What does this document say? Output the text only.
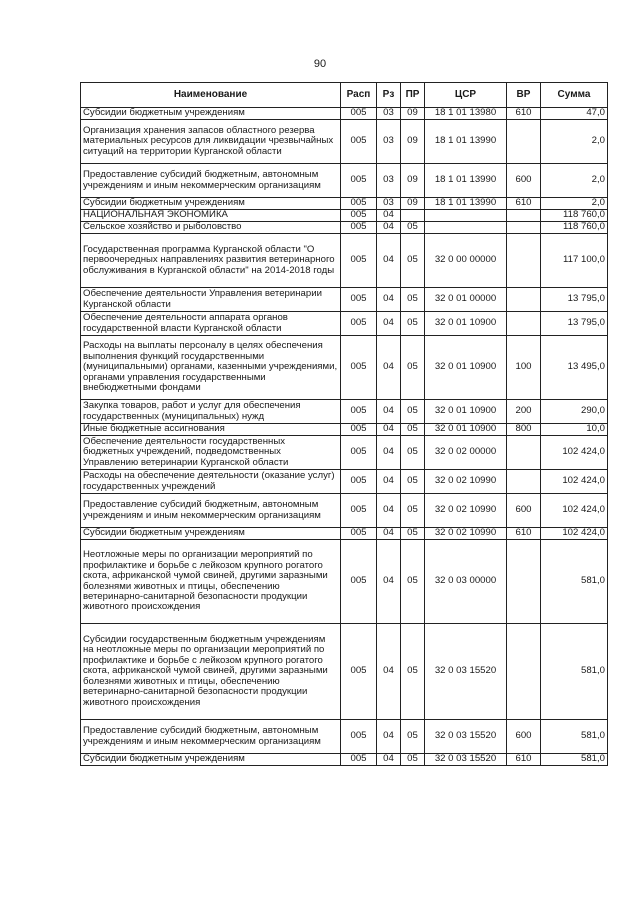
90
Наименование	Расп	Рз	ПР	ЦСР	ВР	Сумма
Субсидии бюджетным учреждениям	005	03	09	18 1 01 13980	610	47,0
Организация хранения запасов областного резерва материальных ресурсов для ликвидации чрезвычайных ситуаций на территории Курганской области	005	03	09	18 1 01 13990		2,0
Предоставление субсидий бюджетным, автономным учреждениям и иным некоммерческим организациям	005	03	09	18 1 01 13990	600	2,0
Субсидии бюджетным учреждениям	005	03	09	18 1 01 13990	610	2,0
НАЦИОНАЛЬНАЯ ЭКОНОМИКА	005	04				118 760,0
Сельское хозяйство и рыболовство	005	04	05			118 760,0
Государственная программа Курганской области "О первоочередных направлениях развития ветеринарного обслуживания в Курганской области" на 2014-2018 годы	005	04	05	32 0 00 00000		117 100,0
Обеспечение деятельности Управления ветеринарии Курганской области	005	04	05	32 0 01 00000		13 795,0
Обеспечение деятельности аппарата органов государственной власти Курганской области	005	04	05	32 0 01 10900		13 795,0
Расходы на выплаты персоналу в целях обеспечения выполнения функций государственными (муниципальными) органами, казенными учреждениями, органами управления государственными внебюджетными фондами	005	04	05	32 0 01 10900	100	13 495,0
Закупка товаров, работ и услуг для обеспечения государственных (муниципальных) нужд	005	04	05	32 0 01 10900	200	290,0
Иные бюджетные ассигнования	005	04	05	32 0 01 10900	800	10,0
Обеспечение деятельности государственных бюджетных учреждений, подведомственных Управлению ветеринарии Курганской области	005	04	05	32 0 02 00000		102 424,0
Расходы на обеспечение деятельности (оказание услуг) государственных учреждений	005	04	05	32 0 02 10990		102 424,0
Предоставление субсидий бюджетным, автономным учреждениям и иным некоммерческим организациям	005	04	05	32 0 02 10990	600	102 424,0
Субсидии бюджетным учреждениям	005	04	05	32 0 02 10990	610	102 424,0
Неотложные меры по организации мероприятий по профилактике и борьбе с лейкозом крупного рогатого скота, африканской чумой свиней, другими заразными болезнями животных и птицы, обеспечению ветеринарно-санитарной безопасности продукции животного происхождения	005	04	05	32 0 03 00000		581,0
Субсидии государственным бюджетным учреждениям на неотложные меры по организации мероприятий по профилактике и борьбе с лейкозом крупного рогатого скота, африканской чумой свиней, другими заразными болезнями животных и птицы, обеспечению ветеринарно-санитарной безопасности продукции животного происхождения	005	04	05	32 0 03 15520		581,0
Предоставление субсидий бюджетным, автономным учреждениям и иным некоммерческим организациям	005	04	05	32 0 03 15520	600	581,0
Субсидии бюджетным учреждениям	005	04	05	32 0 03 15520	610	581,0
